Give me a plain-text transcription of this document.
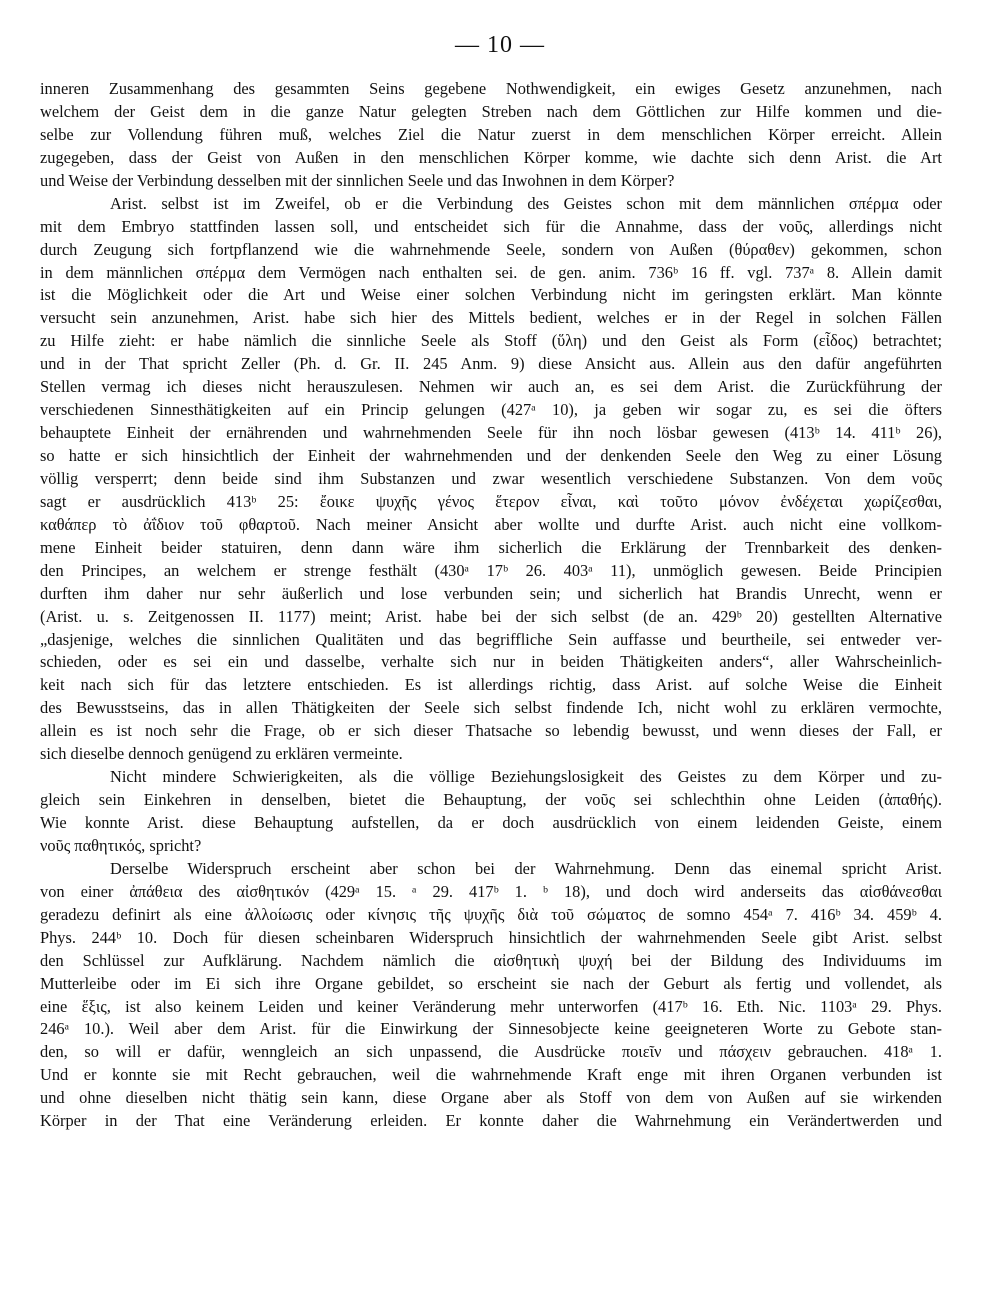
— 10 —
inneren Zusammenhang des gesammten Seins gegebene Nothwendigkeit, ein ewiges Gesetz anzunehmen, nach
welchem der Geist dem in die ganze Natur gelegten Streben nach dem Göttlichen zur Hilfe kommen und die-
selbe zur Vollendung führen muß, welches Ziel die Natur zuerst in dem menschlichen Körper erreicht. Allein
zugegeben, dass der Geist von Außen in den menschlichen Körper komme, wie dachte sich denn Arist. die Art
und Weise der Verbindung desselben mit der sinnlichen Seele und das Inwohnen in dem Körper?
Arist. selbst ist im Zweifel, ob er die Verbindung des Geistes schon mit dem männlichen σπέρμα oder
mit dem Embryo stattfinden lassen soll, und entscheidet sich für die Annahme, dass der νοῦς, allerdings nicht
durch Zeugung sich fortpflanzend wie die wahrnehmende Seele, sondern von Außen (θύραθεν) gekommen, schon
in dem männlichen σπέρμα dem Vermögen nach enthalten sei. de gen. anim. 736ᵇ 16 ff. vgl. 737ᵃ 8. Allein damit
ist die Möglichkeit oder die Art und Weise einer solchen Verbindung nicht im geringsten erklärt. Man könnte
versucht sein anzunehmen, Arist. habe sich hier des Mittels bedient, welches er in der Regel in solchen Fällen
zu Hilfe zieht: er habe nämlich die sinnliche Seele als Stoff (ὕλη) und den Geist als Form (εἶδος) betrachtet;
und in der That spricht Zeller (Ph. d. Gr. II. 245 Anm. 9) diese Ansicht aus. Allein aus den dafür angeführten
Stellen vermag ich dieses nicht herauszulesen. Nehmen wir auch an, es sei dem Arist. die Zurückführung der
verschiedenen Sinnesthätigkeiten auf ein Princip gelungen (427ᵃ 10), ja geben wir sogar zu, es sei die öfters
behauptete Einheit der ernährenden und wahrnehmenden Seele für ihn noch lösbar gewesen (413ᵇ 14. 411ᵇ 26),
so hatte er sich hinsichtlich der Einheit der wahrnehmenden und der denkenden Seele den Weg zu einer Lösung
völlig versperrt; denn beide sind ihm Substanzen und zwar wesentlich verschiedene Substanzen. Von dem νοῦς
sagt er ausdrücklich 413ᵇ 25: ἔοικε ψυχῆς γένος ἕτερον εἶναι, καὶ τοῦτο μόνον ἐνδέχεται χωρίζεσθαι,
καθάπερ τὸ ἀΐδιον τοῦ φθαρτοῦ. Nach meiner Ansicht aber wollte und durfte Arist. auch nicht eine vollkom-
mene Einheit beider statuiren, denn dann wäre ihm sicherlich die Erklärung der Trennbarkeit des denken-
den Principes, an welchem er strenge festhält (430ᵃ 17ᵇ 26. 403ᵃ 11), unmöglich gewesen. Beide Principien
durften ihm daher nur sehr äußerlich und lose verbunden sein; und sicherlich hat Brandis Unrecht, wenn er
(Arist. u. s. Zeitgenossen II. 1177) meint; Arist. habe bei der sich selbst (de an. 429ᵇ 20) gestellten Alternative
„dasjenige, welches die sinnlichen Qualitäten und das begriffliche Sein auffasse und beurtheile, sei entweder ver-
schieden, oder es sei ein und dasselbe, verhalte sich nur in beiden Thätigkeiten anders“, aller Wahrscheinlich-
keit nach sich für das letztere entschieden. Es ist allerdings richtig, dass Arist. auf solche Weise die Einheit
des Bewusstseins, das in allen Thätigkeiten der Seele sich selbst findende Ich, nicht wohl zu erklären vermochte,
allein es ist noch sehr die Frage, ob er sich dieser Thatsache so lebendig bewusst, und wenn dieses der Fall, er
sich dieselbe dennoch genügend zu erklären vermeinte.
Nicht mindere Schwierigkeiten, als die völlige Beziehungslosigkeit des Geistes zu dem Körper und zu-
gleich sein Einkehren in denselben, bietet die Behauptung, der νοῦς sei schlechthin ohne Leiden (ἀπαθής).
Wie konnte Arist. diese Behauptung aufstellen, da er doch ausdrücklich von einem leidenden Geiste, einem
νοῦς παθητικός, spricht?
Derselbe Widerspruch erscheint aber schon bei der Wahrnehmung. Denn das einemal spricht Arist.
von einer ἀπάθεια des αἰσθητικόν (429ᵃ 15. ᵃ 29. 417ᵇ 1. ᵇ 18), und doch wird anderseits das αἰσθάνεσθαι
geradezu definirt als eine ἀλλοίωσις oder κίνησις τῆς ψυχῆς διὰ τοῦ σώματος de somno 454ᵃ 7. 416ᵇ 34. 459ᵇ 4.
Phys. 244ᵇ 10. Doch für diesen scheinbaren Widerspruch hinsichtlich der wahrnehmenden Seele gibt Arist. selbst
den Schlüssel zur Aufklärung. Nachdem nämlich die αἰσθητικὴ ψυχή bei der Bildung des Individuums im
Mutterleibe oder im Ei sich ihre Organe gebildet, so erscheint sie nach der Geburt als fertig und vollendet, als
eine ἕξις, ist also keinem Leiden und keiner Veränderung mehr unterworfen (417ᵇ 16. Eth. Nic. 1103ᵃ 29. Phys.
246ᵃ 10.). Weil aber dem Arist. für die Einwirkung der Sinnesobjecte keine geeigneteren Worte zu Gebote stan-
den, so will er dafür, wenngleich an sich unpassend, die Ausdrücke ποιεῖν und πάσχειν gebrauchen. 418ᵃ 1.
Und er konnte sie mit Recht gebrauchen, weil die wahrnehmende Kraft enge mit ihren Organen verbunden ist
und ohne dieselben nicht thätig sein kann, diese Organe aber als Stoff von dem von Außen auf sie wirkenden
Körper in der That eine Veränderung erleiden. Er konnte daher die Wahrnehmung ein Verändertwerden und
